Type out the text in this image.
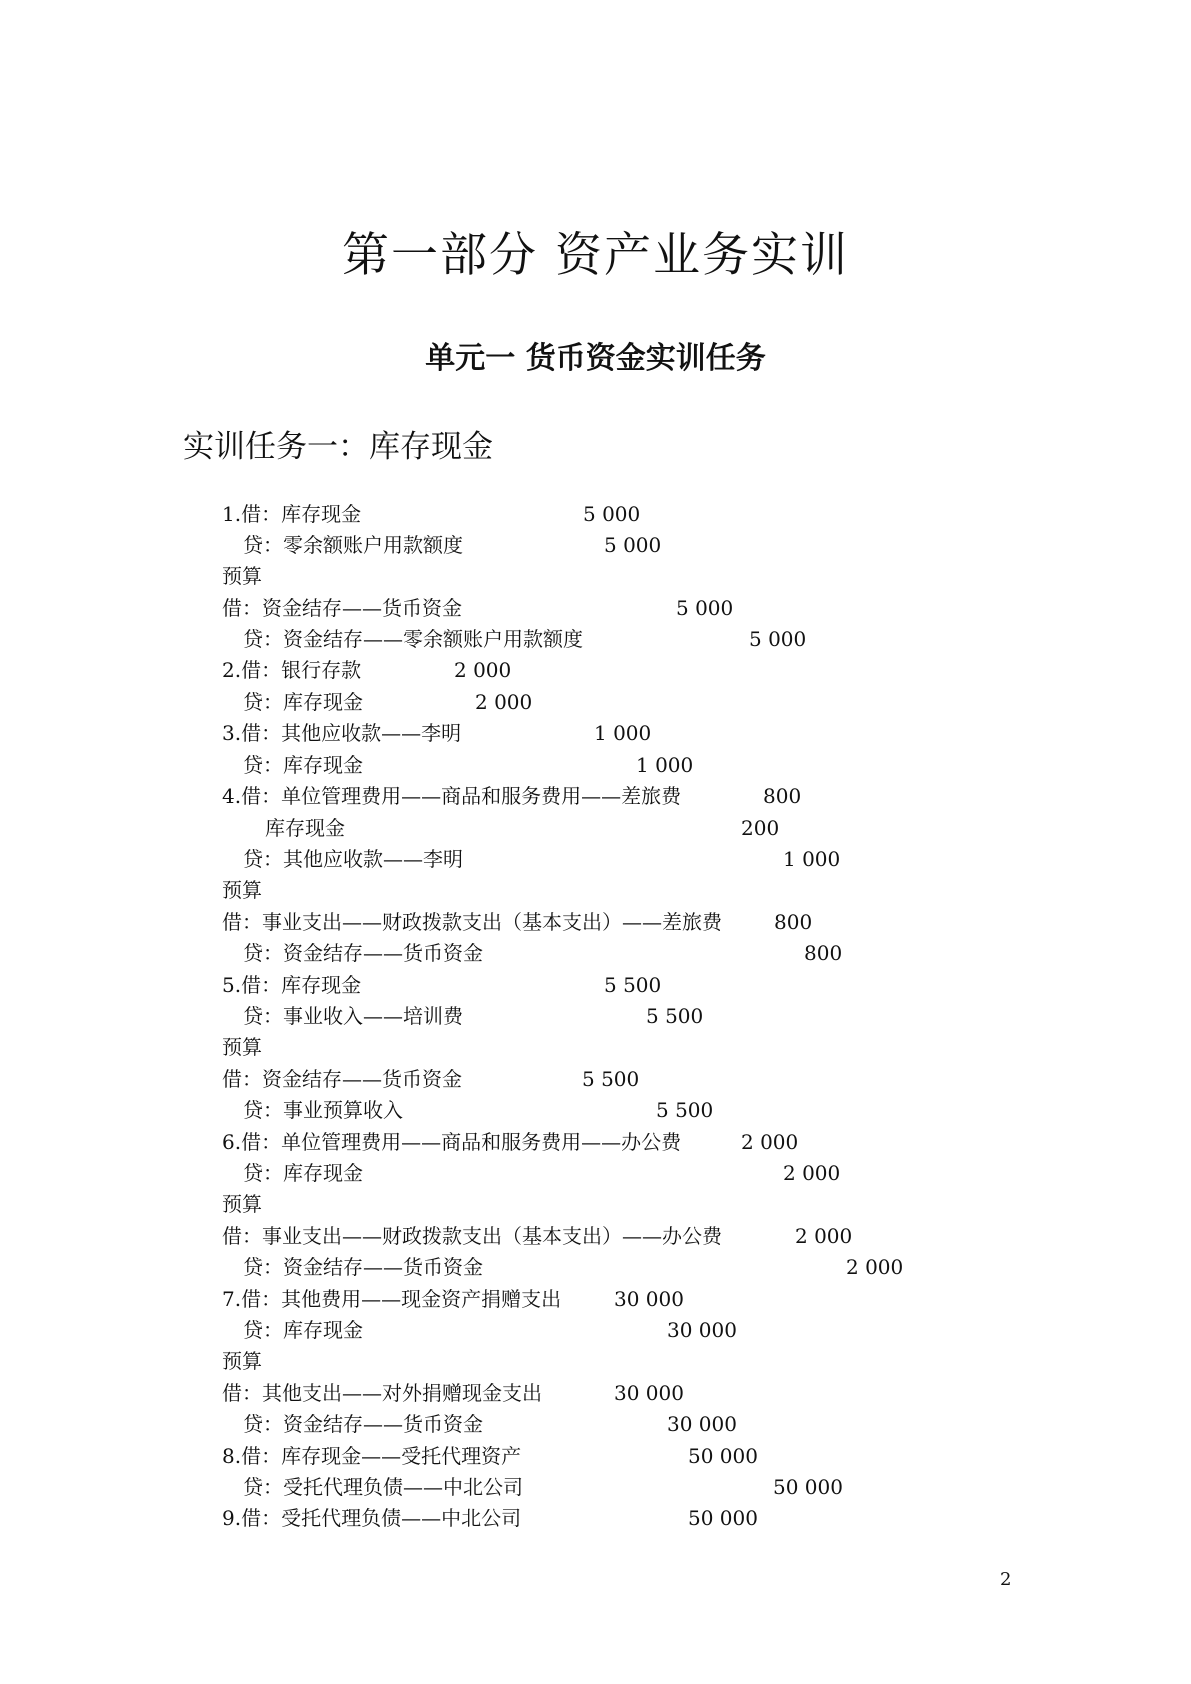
第一部分 资产业务实训
单元一 货币资金实训任务
实训任务一：库存现金
1.借：库存现金	5 000
贷：零余额账户用款额度	5 000
预算
借：资金结存——货币资金	5 000
贷：资金结存——零余额账户用款额度	5 000
2.借：银行存款	2 000
贷：库存现金	2 000
3.借：其他应收款——李明	1 000
贷：库存现金	1 000
4.借：单位管理费用——商品和服务费用——差旅费	800
库存现金	200
贷：其他应收款——李明	1 000
预算
借：事业支出——财政拨款支出（基本支出）——差旅费	800
贷：资金结存——货币资金	800
5.借：库存现金	5 500
贷：事业收入——培训费	5 500
预算
借：资金结存——货币资金	5 500
贷：事业预算收入	5 500
6.借：单位管理费用——商品和服务费用——办公费	2 000
贷：库存现金	2 000
预算
借：事业支出——财政拨款支出（基本支出）——办公费	2 000
贷：资金结存——货币资金	2 000
7.借：其他费用——现金资产捐赠支出	30 000
贷：库存现金	30 000
预算
借：其他支出——对外捐赠现金支出	30 000
贷：资金结存——货币资金	30 000
8.借：库存现金——受托代理资产	50 000
贷：受托代理负债——中北公司	50 000
9.借：受托代理负债——中北公司	50 000
2
